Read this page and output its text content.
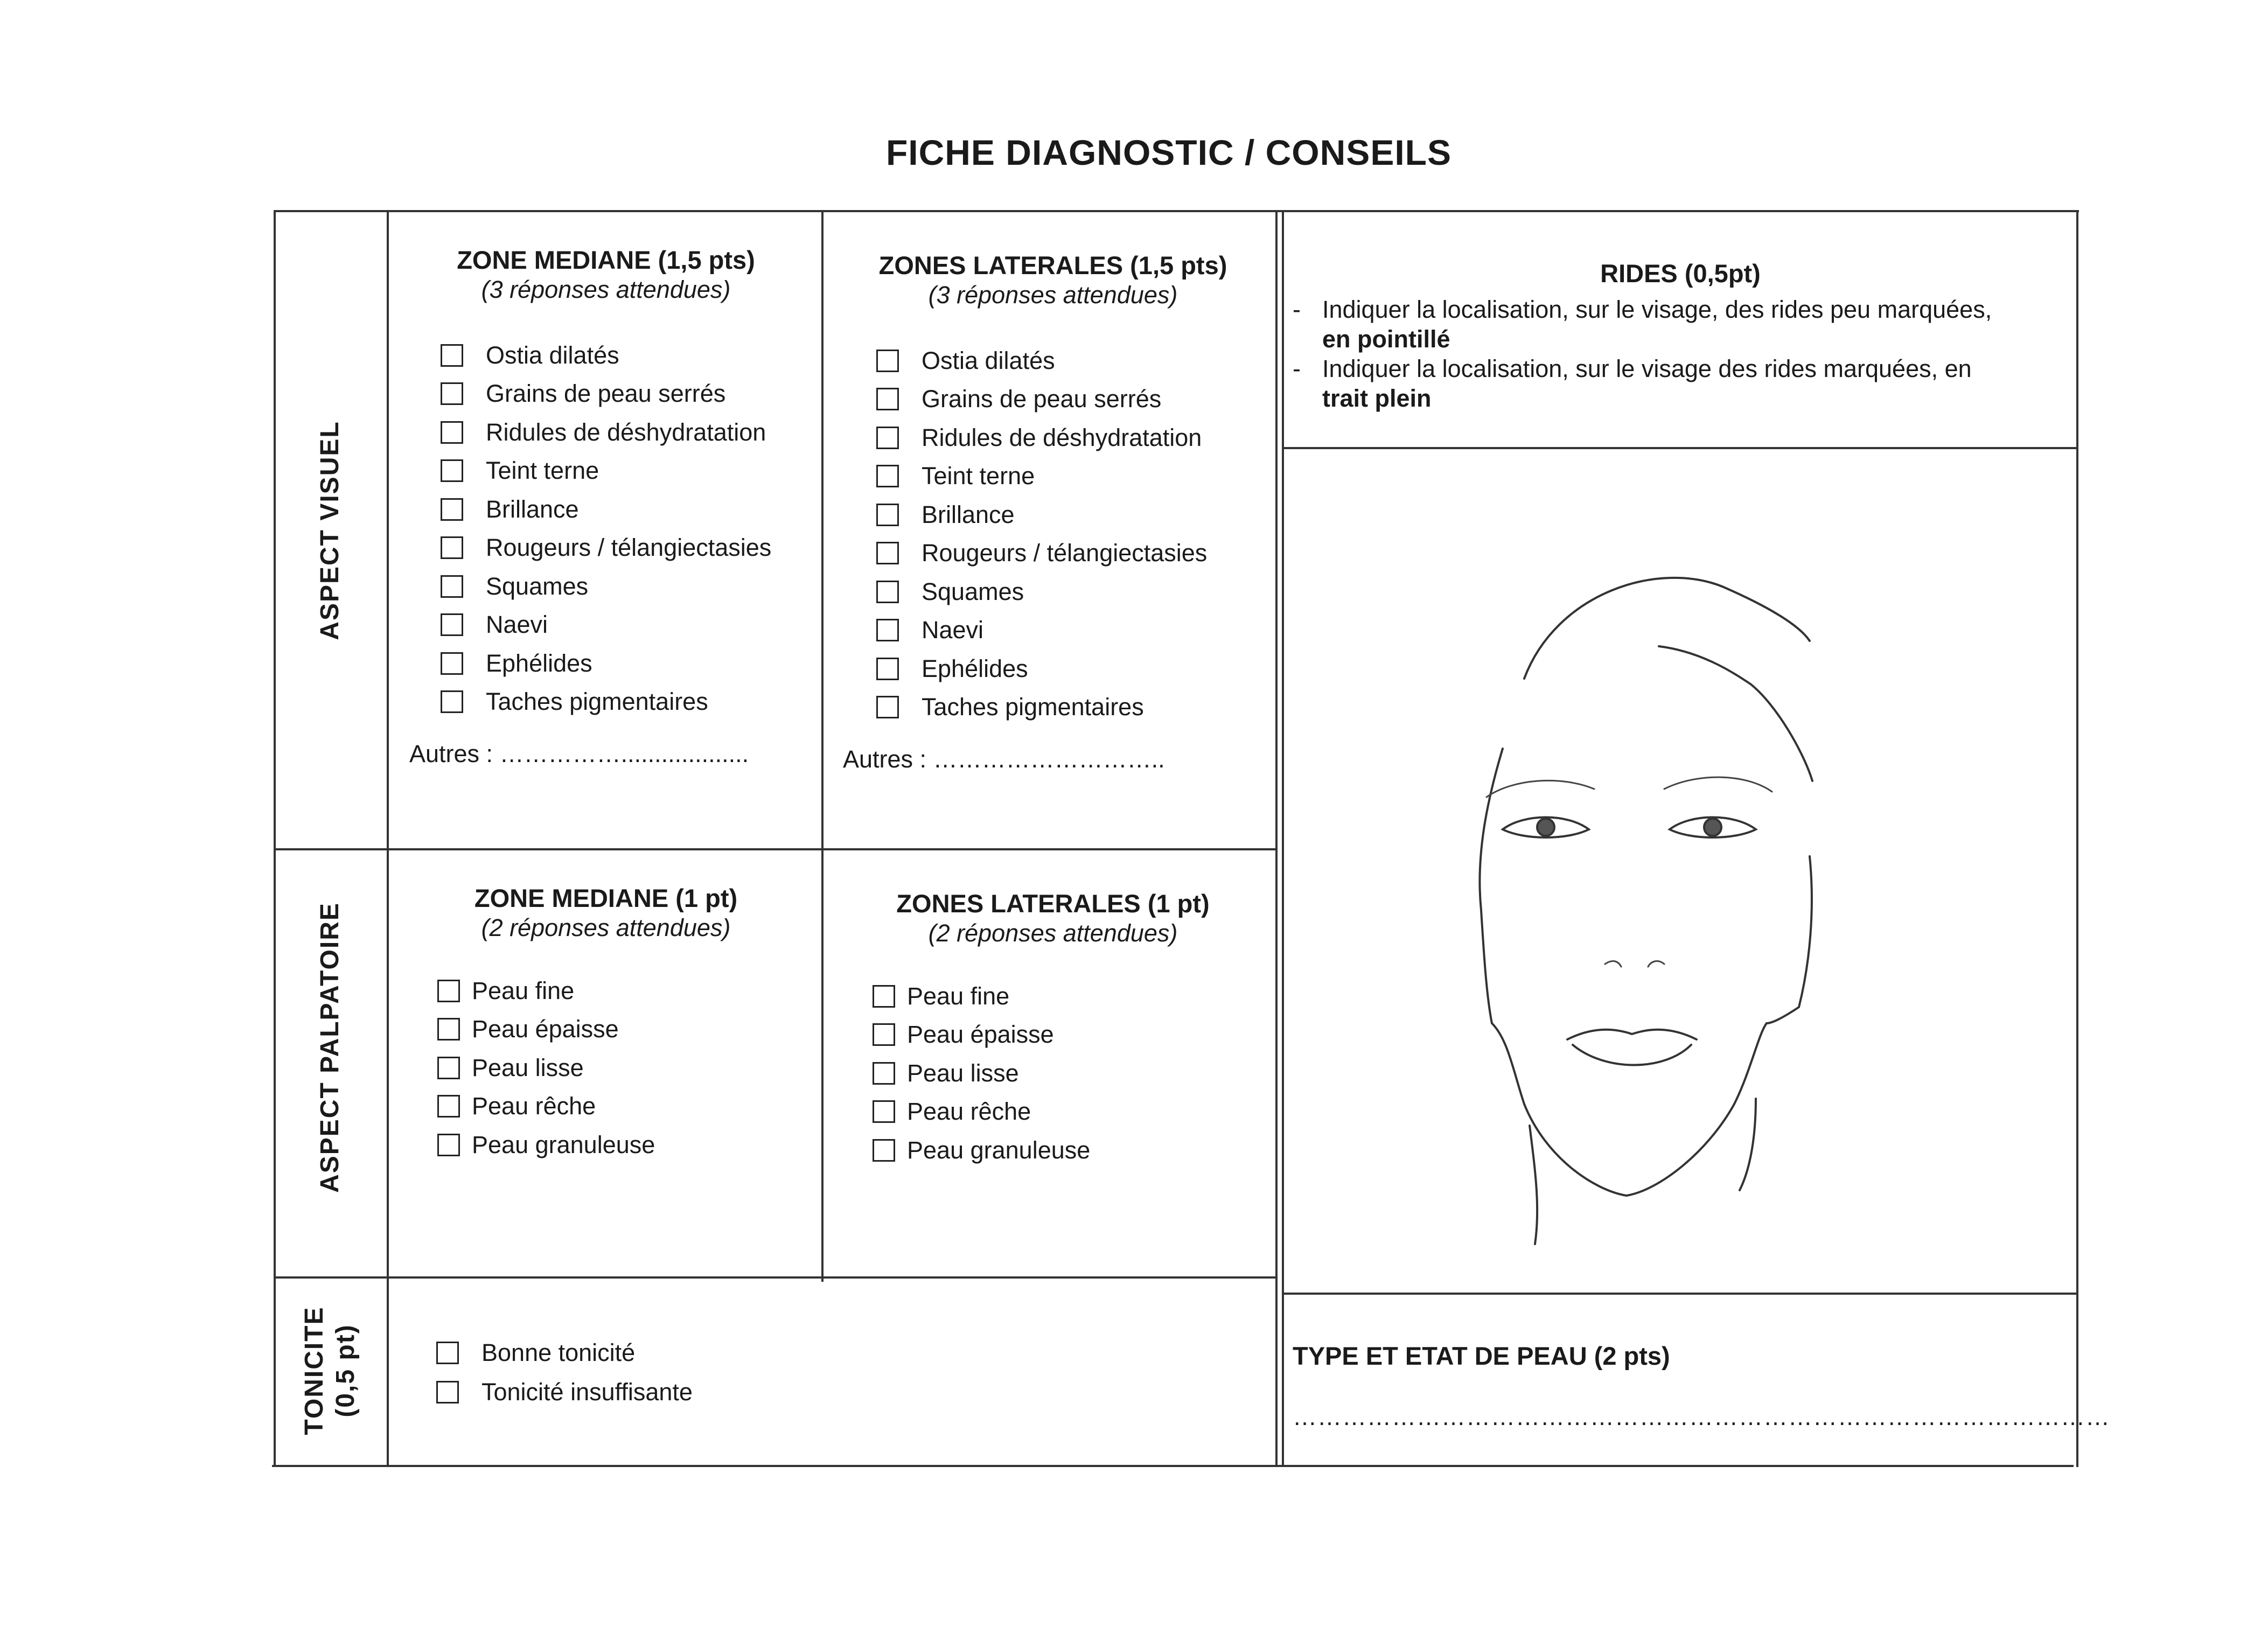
FICHE DIAGNOSTIC / CONSEILS
ASPECT VISUEL
ASPECT PALPATOIRE
TONICITE (0,5 pt)
ZONE MEDIANE (1,5 pts)
(3 réponses attendues)
Ostia dilatés
Grains de peau serrés
Ridules de déshydratation
Teint terne
Brillance
Rougeurs / télangiectasies
Squames
Naevi
Ephélides
Taches pigmentaires
Autres : ……………...................
ZONES LATERALES (1,5 pts)
(3 réponses attendues)
Ostia dilatés
Grains de peau serrés
Ridules de déshydratation
Teint terne
Brillance
Rougeurs / télangiectasies
Squames
Naevi
Ephélides
Taches pigmentaires
Autres : ………………………..
ZONE MEDIANE (1 pt)
(2 réponses attendues)
Peau fine
Peau épaisse
Peau lisse
Peau rêche
Peau granuleuse
ZONES LATERALES (1 pt)
(2 réponses attendues)
Peau fine
Peau épaisse
Peau lisse
Peau rêche
Peau granuleuse
Bonne tonicité
Tonicité insuffisante
RIDES (0,5pt)
- Indiquer la localisation, sur le visage, des rides peu marquées,
en pointillé
- Indiquer la localisation, sur le visage des rides marquées, en
trait plein
TYPE ET ETAT DE PEAU (2 pts)
………………………………………………………………………………………
